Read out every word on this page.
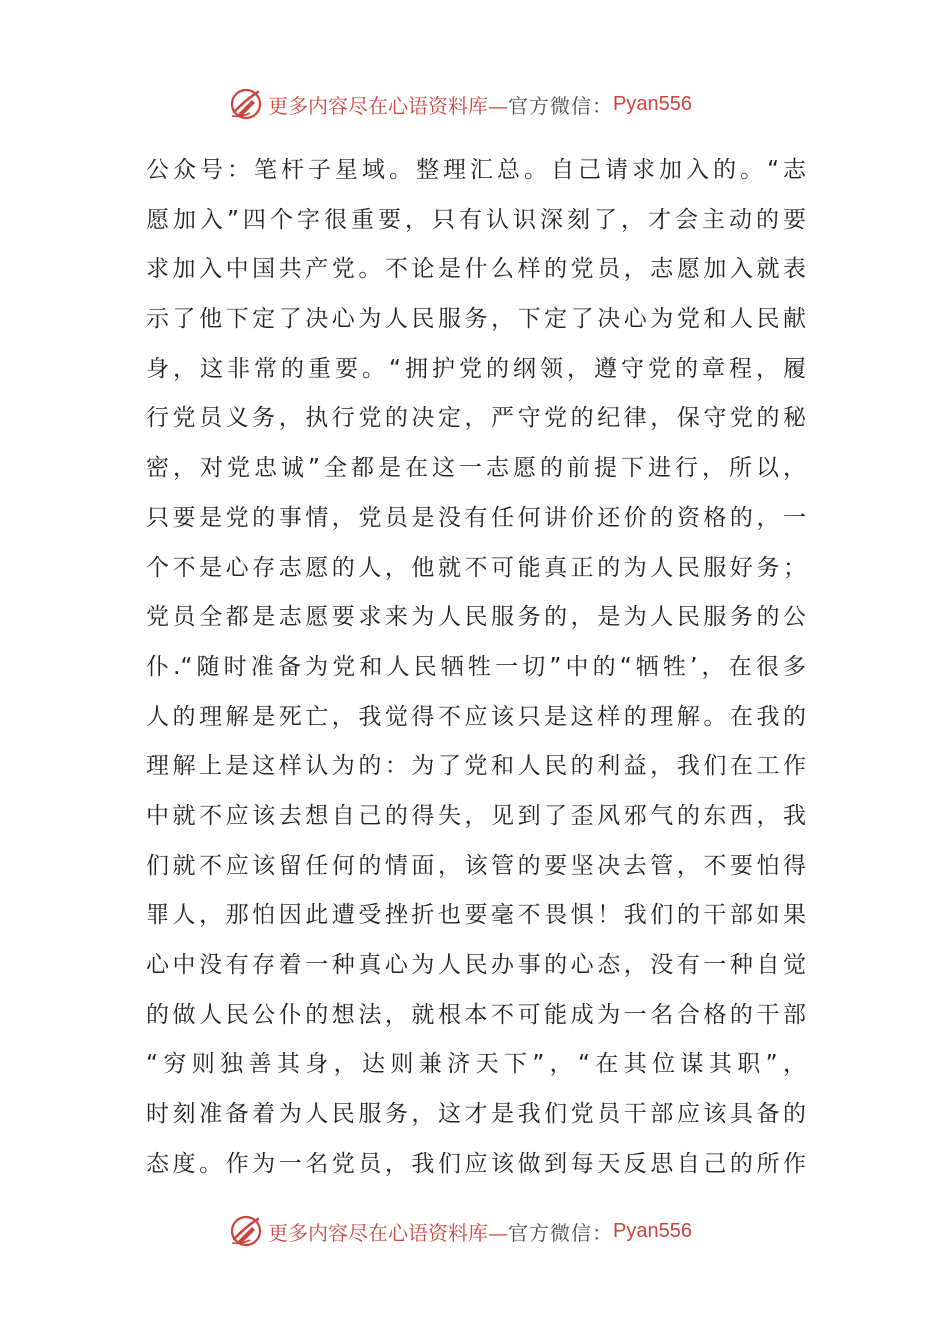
更多内容尽在心语资料库— 官方微信： Pyan556
公众号：笔杆子星域。整理汇总。自己请求加入的。“志
愿加入”四个字很重要，只有认识深刻了，才会主动的要
求加入中国共产党。不论是什么样的党员，志愿加入就表
示了他下定了决心为人民服务，下定了决心为党和人民献
身，这非常的重要。“拥护党的纲领，遵守党的章程，履
行党员义务，执行党的决定，严守党的纪律，保守党的秘
密，对党忠诚”全都是在这一志愿的前提下进行，所以，
只要是党的事情，党员是没有任何讲价还价的资格的，一
个不是心存志愿的人，他就不可能真正的为人民服好务；
党员全都是志愿要求来为人民服务的，是为人民服务的公
仆.“随时准备为党和人民牺牲一切”中的“牺牲’，在很多
人的理解是死亡，我觉得不应该只是这样的理解。在我的
理解上是这样认为的：为了党和人民的利益，我们在工作
中就不应该去想自己的得失，见到了歪风邪气的东西，我
们就不应该留任何的情面，该管的要坚决去管，不要怕得
罪人，那怕因此遭受挫折也要毫不畏惧！我们的干部如果
心中没有存着一种真心为人民办事的心态，没有一种自觉
的做人民公仆的想法，就根本不可能成为一名合格的干部
“穷则独善其身，达则兼济天下”，“在其位谋其职”，
时刻准备着为人民服务，这才是我们党员干部应该具备的
态度。作为一名党员，我们应该做到每天反思自己的所作
更多内容尽在心语资料库— 官方微信： Pyan556
